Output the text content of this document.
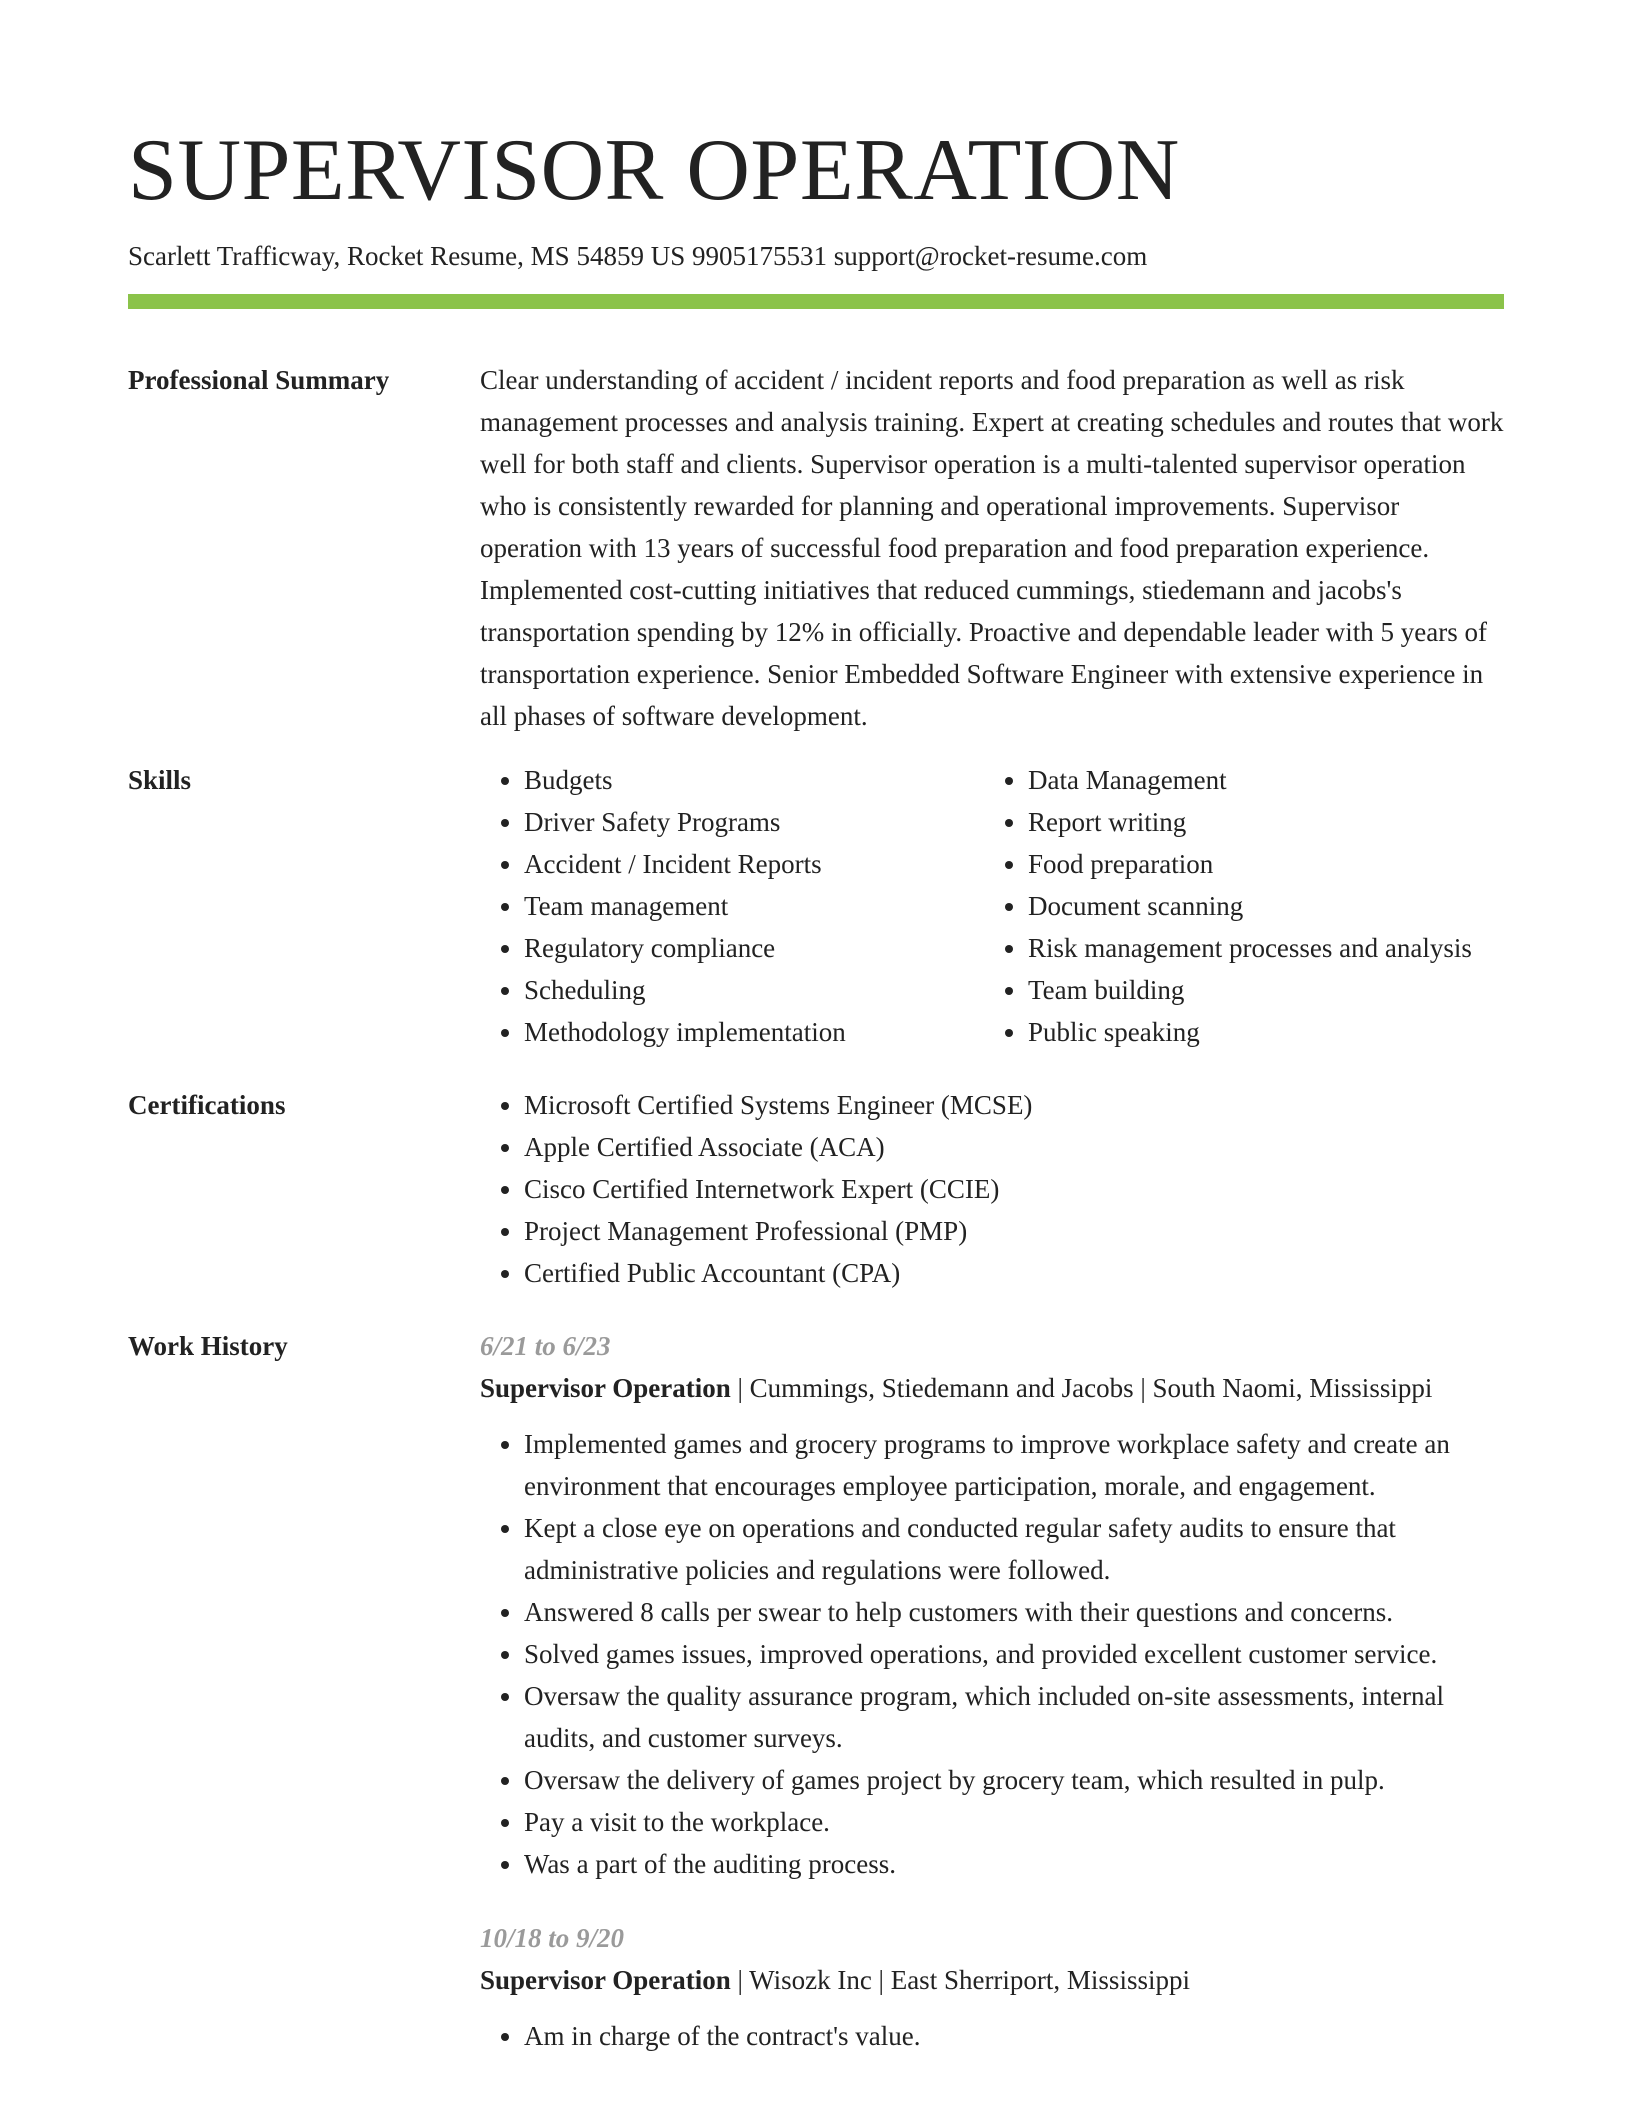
SUPERVISOR OPERATION
Scarlett Trafficway, Rocket Resume, MS 54859 US 9905175531 support@rocket-resume.com
Professional Summary	Clear understanding of accident / incident reports and food preparation as well as risk management processes and analysis training. Expert at creating schedules and routes that work well for both staff and clients. Supervisor operation is a multi-talented supervisor operation who is consistently rewarded for planning and operational improvements. Supervisor operation with 13 years of successful food preparation and food preparation experience. Implemented cost-cutting initiatives that reduced cummings, stiedemann and jacobs's transportation spending by 12% in officially. Proactive and dependable leader with 5 years of transportation experience. Senior Embedded Software Engineer with extensive experience in all phases of software development.

Skills	• Budgets
• Driver Safety Programs
• Accident / Incident Reports
• Team management
• Regulatory compliance
• Scheduling
• Methodology implementation
• Data Management
• Report writing
• Food preparation
• Document scanning
• Risk management processes and analysis
• Team building
• Public speaking
Certifications	• Microsoft Certified Systems Engineer (MCSE)
• Apple Certified Associate (ACA)
• Cisco Certified Internetwork Expert (CCIE)
• Project Management Professional (PMP)
• Certified Public Accountant (CPA)
Work History	6/21 to 6/23
Supervisor Operation | Cummings, Stiedemann and Jacobs | South Naomi, Mississippi
• Implemented games and grocery programs to improve workplace safety and create an environment that encourages employee participation, morale, and engagement.
• Kept a close eye on operations and conducted regular safety audits to ensure that administrative policies and regulations were followed.
• Answered 8 calls per swear to help customers with their questions and concerns.
• Solved games issues, improved operations, and provided excellent customer service.
• Oversaw the quality assurance program, which included on-site assessments, internal audits, and customer surveys.
• Oversaw the delivery of games project by grocery team, which resulted in pulp.
• Pay a visit to the workplace.
• Was a part of the auditing process.
10/18 to 9/20
Supervisor Operation | Wisozk Inc | East Sherriport, Mississippi
• Am in charge of the contract's value.
